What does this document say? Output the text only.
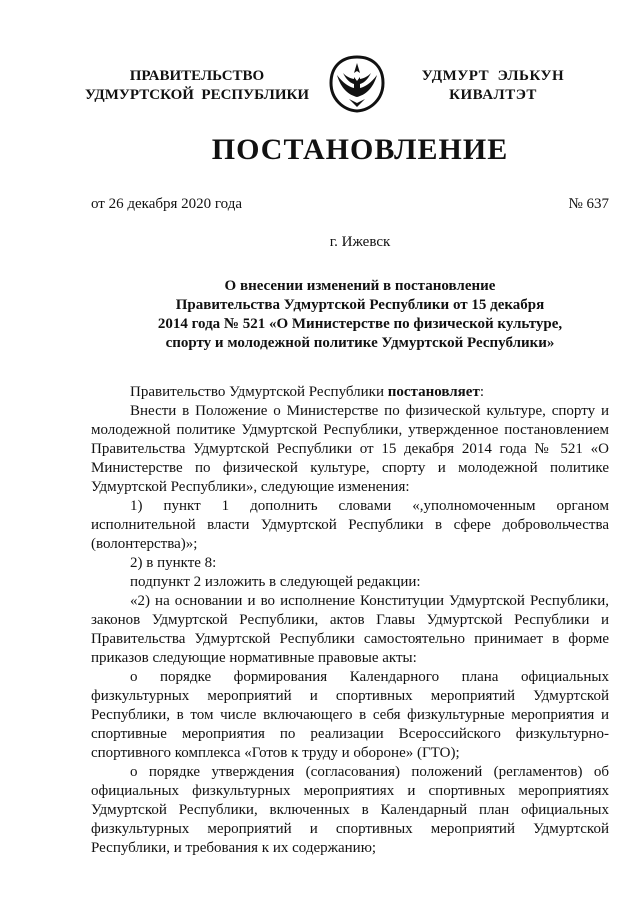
ПРАВИТЕЛЬСТВО
УДМУРТСКОЙ  РЕСПУБЛИКИ
УДМУРТ  ЭЛЬКУН
КИВАЛТЭТ
ПОСТАНОВЛЕНИЕ
от 26 декабря 2020 года	№ 637
г. Ижевск
О внесении изменений в постановление
Правительства Удмуртской Республики от 15 декабря
2014 года № 521 «О Министерстве по физической культуре,
спорту и молодежной политике Удмуртской Республики»
Правительство Удмуртской Республики постановляет:
Внести в Положение о Министерстве по физической культуре, спорту и
молодежной политике Удмуртской Республики, утвержденное постановлением
Правительства Удмуртской Республики от 15 декабря 2014 года № 521 «О
Министерстве по физической культуре, спорту и молодежной политике
Удмуртской Республики», следующие изменения:
1) пункт 1 дополнить словами «,уполномоченным органом
исполнительной власти Удмуртской Республики в сфере добровольчества
(волонтерства)»;
2) в пункте 8:
подпункт 2 изложить в следующей редакции:
«2) на основании и во исполнение Конституции Удмуртской Республики,
законов Удмуртской Республики, актов Главы Удмуртской Республики и
Правительства Удмуртской Республики самостоятельно принимает в форме
приказов следующие нормативные правовые акты:
о порядке формирования Календарного плана официальных
физкультурных мероприятий и спортивных мероприятий Удмуртской
Республики, в том числе включающего в себя физкультурные мероприятия и
спортивные мероприятия по реализации Всероссийского физкультурно-
спортивного комплекса «Готов к труду и обороне» (ГТО);
о порядке утверждения (согласования) положений (регламентов) об
официальных физкультурных мероприятиях и спортивных мероприятиях
Удмуртской Республики, включенных в Календарный план официальных
физкультурных мероприятий и спортивных мероприятий Удмуртской
Республики, и требования к их содержанию;
